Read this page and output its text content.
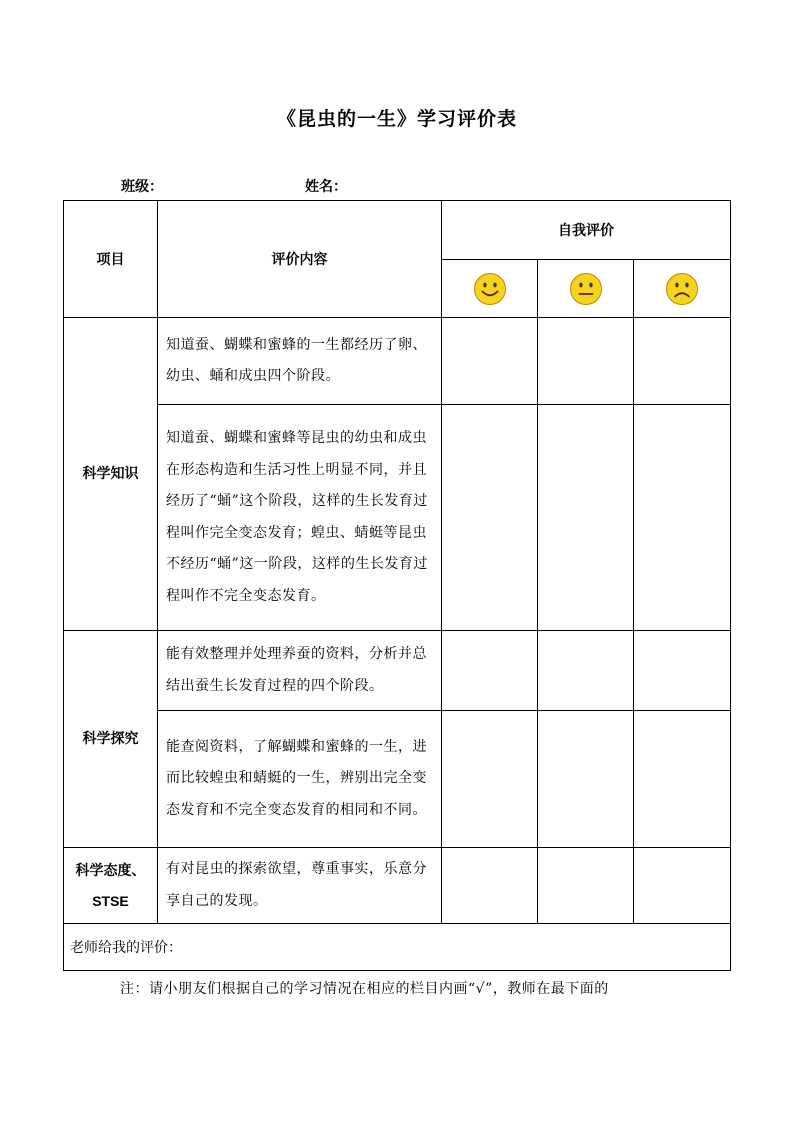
《昆虫的一生》学习评价表
班级：	姓名：
项目	评价内容	自我评价		

科学知识	知道蚕、蝴蝶和蜜蜂的一生都经历了卵、幼虫、蛹和成虫四个阶段。			
	知道蚕、蝴蝶和蜜蜂等昆虫的幼虫和成虫在形态构造和生活习性上明显不同，并且经历了“蛹”这个阶段，这样的生长发育过程叫作完全变态发育；蝗虫、蜻蜓等昆虫不经历“蛹”这一阶段，这样的生长发育过程叫作不完全变态发育。			
科学探究	能有效整理并处理养蚕的资料，分析并总结出蚕生长发育过程的四个阶段。			
	能查阅资料，了解蝴蝶和蜜蜂的一生，进而比较蝗虫和蜻蜓的一生，辨别出完全变态发育和不完全变态发育的相同和不同。			

科学态度、
STSE	有对昆虫的探索欲望，尊重事实，乐意分享自己的发现。			
老师给我的评价：				
注：请小朋友们根据自己的学习情况在相应的栏目内画“√”，教师在最下面的
